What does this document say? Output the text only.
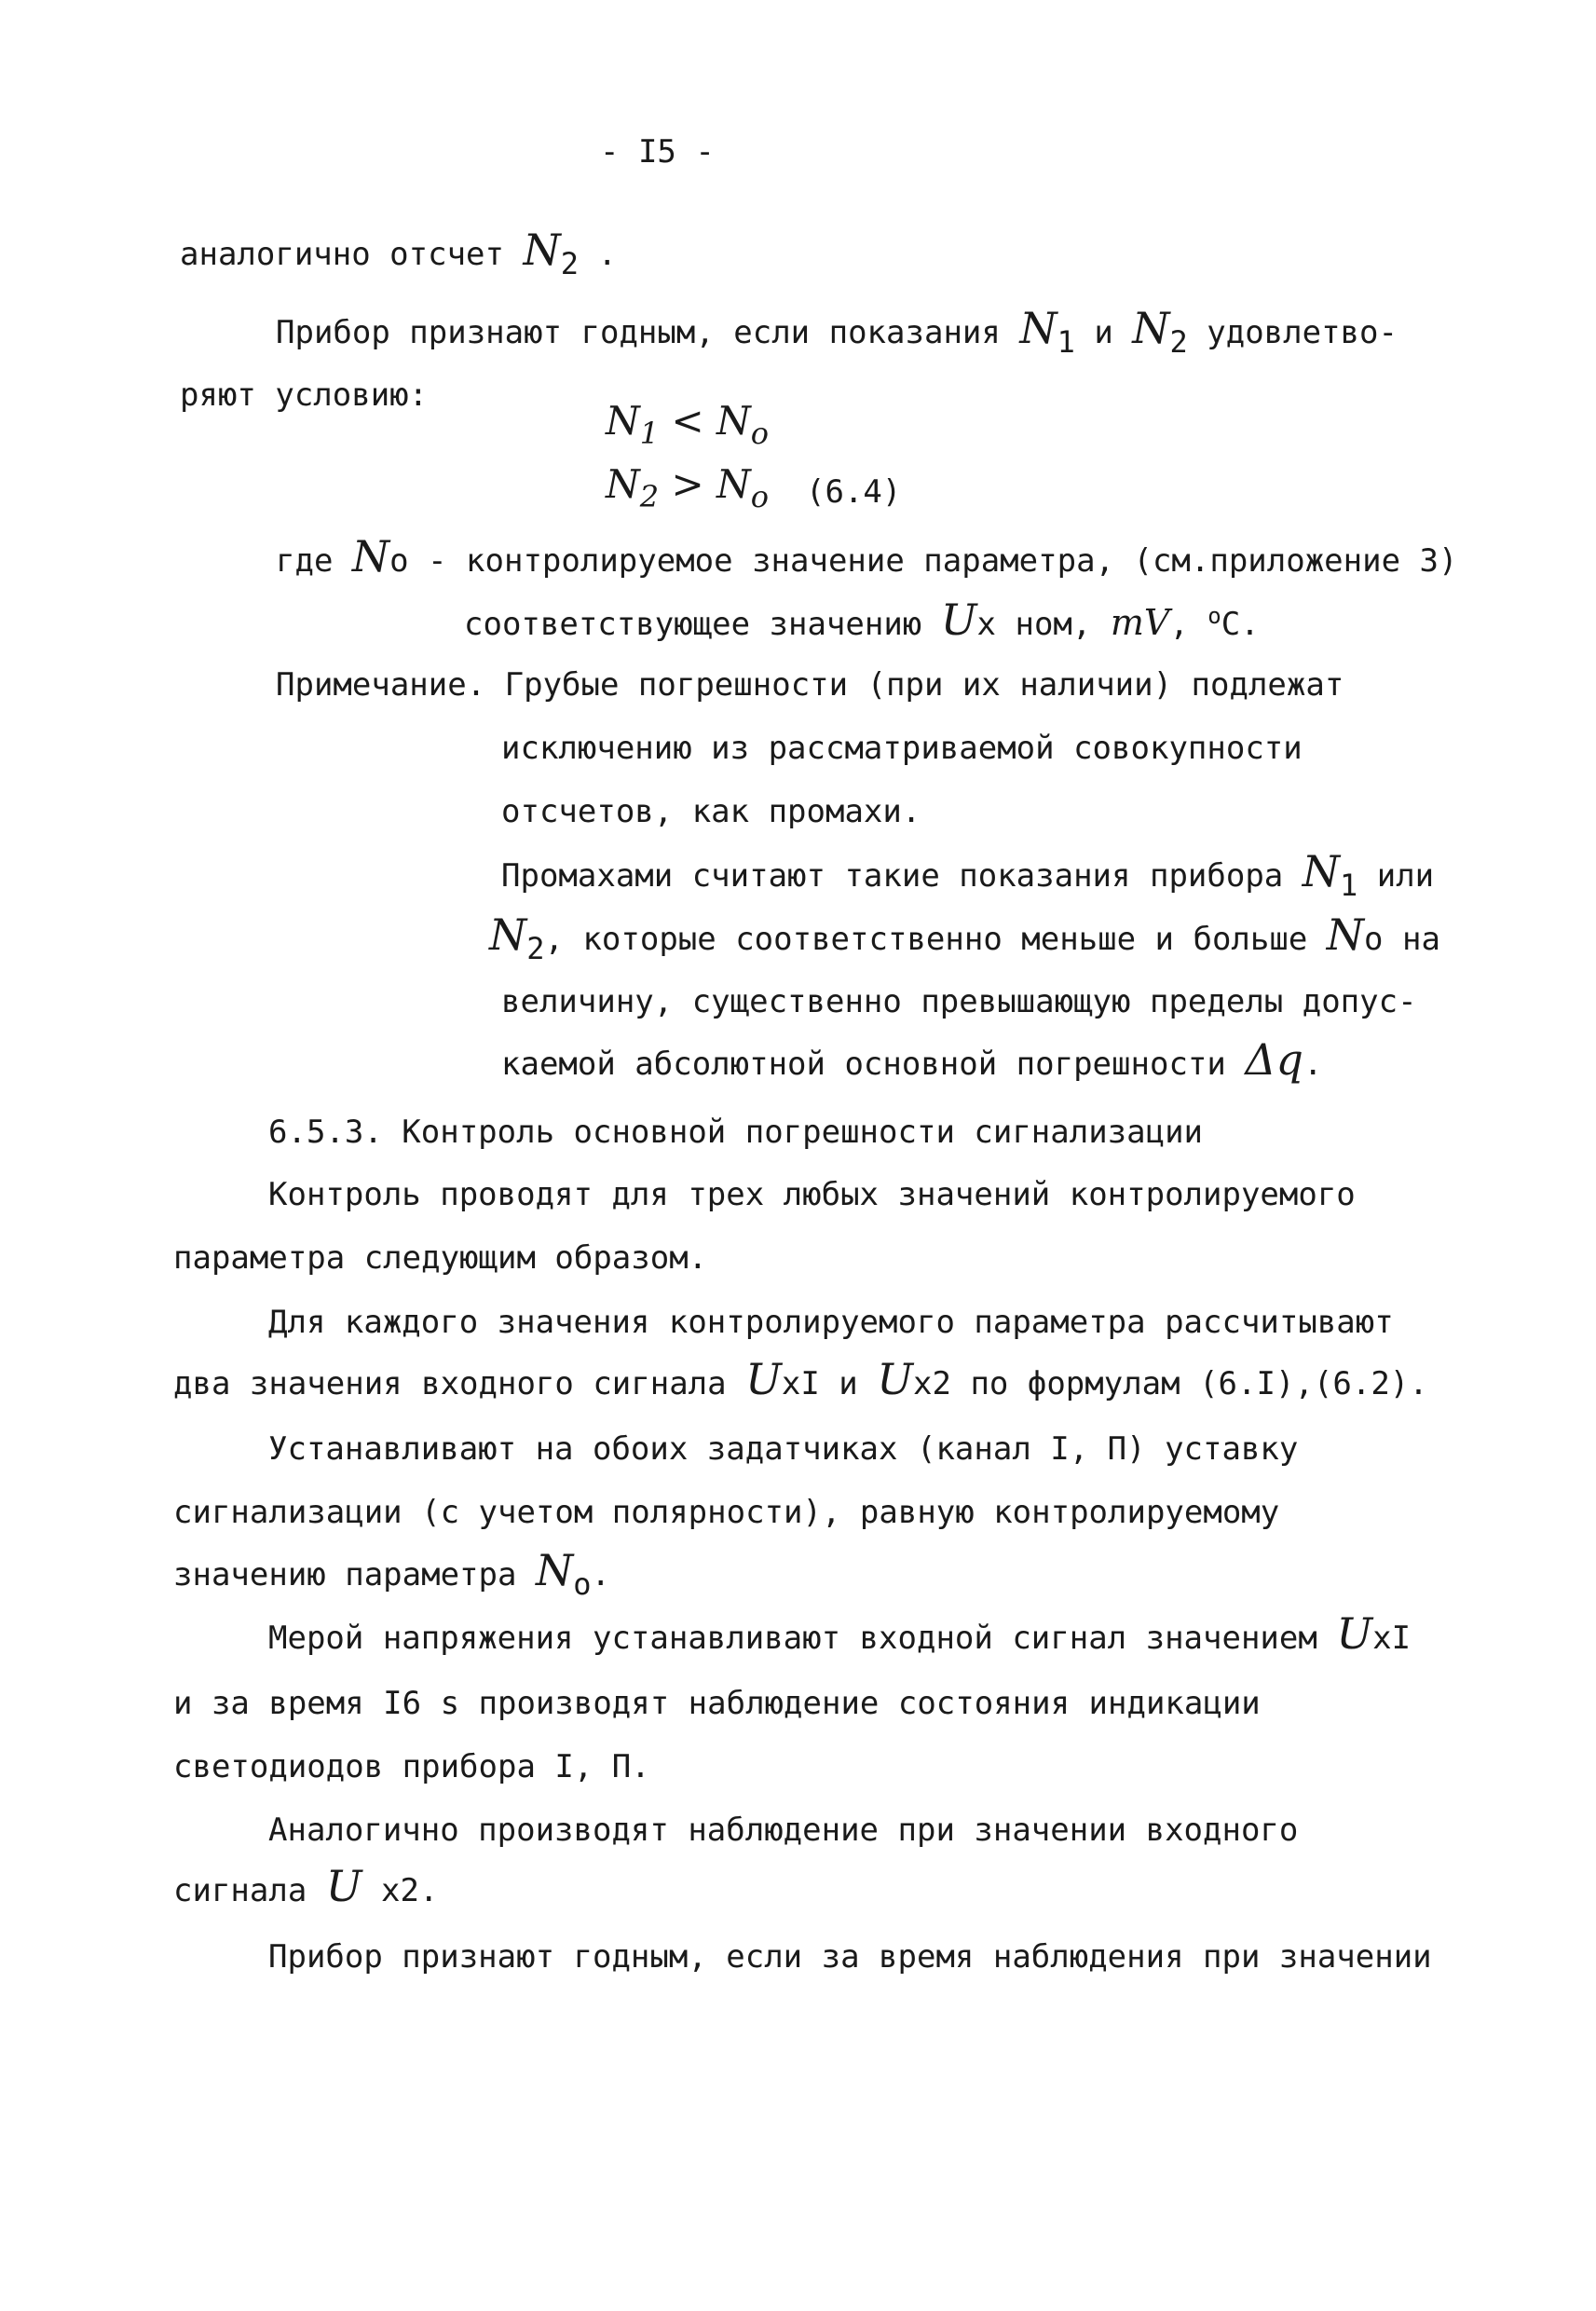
- I5 -
аналогично отсчет N2 .
Прибор признают годным, если показания N1 и N2 удовлетво-
ряют условию:
$N_1 < N_o$
$N_2 > N_o$ (6.4)
где No - контролируемое значение параметра, (см.приложение 3)
соответствующее значению Ux ном, mV, $^o$C.
Примечание. Грубые погрешности (при их наличии) подлежат
исключению из рассматриваемой совокупности
отсчетов, как промахи.
Промахами считают такие показания прибора N1 или
N2, которые соответственно меньше и больше No на
величину, существенно превышающую пределы допус-
каемой абсолютной основной погрешности Δq.
6.5.3. Контроль основной погрешности сигнализации
Контроль проводят для трех любых значений контролируемого
параметра следующим образом.
Для каждого значения контролируемого параметра рассчитывают
два значения входного сигнала UxI и Ux2 по формулам (6.I),(6.2).
Устанавливают на обоих задатчиках (канал I, П) уставку
сигнализации (с учетом полярности), равную контролируемому
значению параметра No.
Мерой напряжения устанавливают входной сигнал значением UxI
и за время I6 s производят наблюдение состояния индикации
светодиодов прибора I, П.
Аналогично производят наблюдение при значении входного
сигнала U x2.
Прибор признают годным, если за время наблюдения при значении
